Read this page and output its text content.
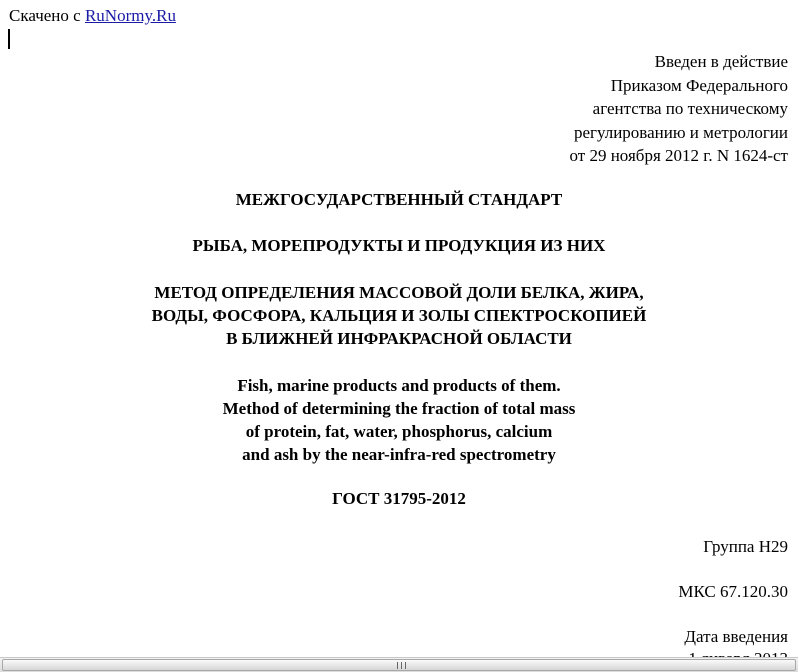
Скачено с RuNormy.Ru
Введен в действие
Приказом Федерального
агентства по техническому
регулированию и метрологии
от 29 ноября 2012 г. N 1624-ст
МЕЖГОСУДАРСТВЕННЫЙ СТАНДАРТ
РЫБА, МОРЕПРОДУКТЫ И ПРОДУКЦИЯ ИЗ НИХ
МЕТОД ОПРЕДЕЛЕНИЯ МАССОВОЙ ДОЛИ БЕЛКА, ЖИРА,
ВОДЫ, ФОСФОРА, КАЛЬЦИЯ И ЗОЛЫ СПЕКТРОСКОПИЕЙ
В БЛИЖНЕЙ ИНФРАКРАСНОЙ ОБЛАСТИ
Fish, marine products and products of them.
Method of determining the fraction of total mass
of protein, fat, water, phosphorus, calcium
and ash by the near-infra-red spectrometry
ГОСТ 31795-2012
Группа Н29
МКС 67.120.30
Дата введения
